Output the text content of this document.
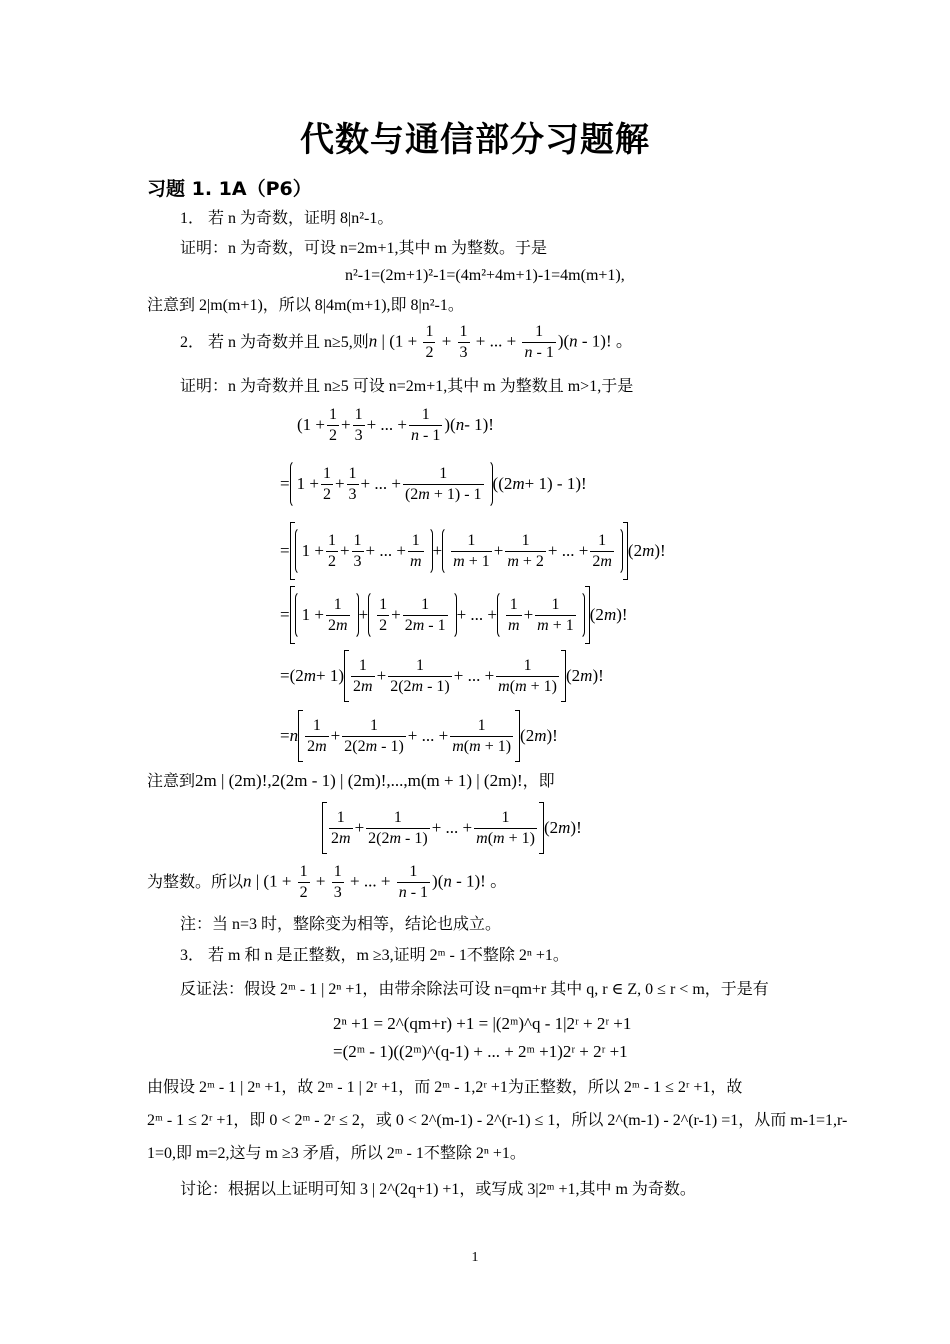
代数与通信部分习题解
习题 1. 1A（P6）
1． 若 n 为奇数，证明 8|n²-1。
证明：n 为奇数，可设 n=2m+1,其中 m 为整数。于是
n²-1=(2m+1)²-1=(4m²+4m+1)-1=4m(m+1),
注意到 2|m(m+1)，所以 8|4m(m+1),即 8|n²-1。
2． 若 n 为奇数并且 n≥5,则 n | ($1 + \frac{1}{2} + \frac{1}{3}$ + ... + $\frac{1}{n - 1} )(n - 1)$! 。
证明：n 为奇数并且 n≥5 可设 n=2m+1,其中 m 为整数且 m>1,于是
($1 + \frac{1}{2} + \frac{1}{3}$ + ... + $\frac{1}{n - 1}$ )( n - 1)!
= $1 + \frac{1}{2} + \frac{1}{3}$ + ... + $\frac{1}{(2m + 1) - 1} ((2$ m + 1) - 1)!
= $1 + \frac{1}{2} + \frac{1}{3}$ + ... + $\frac{1}{m} + \frac{1}{m + 1} + \frac{1}{m + 2}$ + ... + $\frac{1}{2m} (2$ m )!
= $1 + \frac{1}{2m} + \frac{1}{2} + \frac{1}{2m - 1}$ + ... + $\frac{1}{m} + \frac{1}{m + 1} (2$ m )!
=(2 $m + 1) \frac{1}{2m} + \frac{1}{2(2m - 1)}$ + ... + $\frac{1}{m(m + 1)} (2$ m )!
= n $\frac{1}{2m} + \frac{1}{2(2m - 1)}$ + ... + $\frac{1}{m(m + 1)} (2$ m )!
注意到2m | (2m)!,2(2m - 1) | (2m)!,...,m(m + 1) | (2m)!，即
$\frac{1}{2m} + \frac{1}{2(2m - 1)}$ + ... + $\frac{1}{m(m + 1)} (2$ m )!
为整数。所以 n | ($1 + \frac{1}{2} + \frac{1}{3}$ + ... + $\frac{1}{n - 1} )(n - 1)$! 。
注：当 n=3 时，整除变为相等，结论也成立。
3． 若 m 和 n 是正整数，m ≥3,证明 2ᵐ - 1不整除 2ⁿ +1。
反证法：假设 2ᵐ - 1 | 2ⁿ +1，由带余除法可设 n=qm+r 其中 q, r ∈ Z, 0 ≤ r < m，于是有
2ⁿ +1 = 2^(qm+r) +1 = |(2ᵐ)^q - 1|2ʳ + 2ʳ +1
=(2ᵐ - 1)((2ᵐ)^(q-1) + ... + 2ᵐ +1)2ʳ + 2ʳ +1
由假设 2ᵐ - 1 | 2ⁿ +1，故 2ᵐ - 1 | 2ʳ +1，而 2ᵐ - 1,2ʳ +1为正整数，所以 2ᵐ - 1 ≤ 2ʳ +1，故
2ᵐ - 1 ≤ 2ʳ +1，即 0 < 2ᵐ - 2ʳ ≤ 2，或 0 < 2^(m-1) - 2^(r-1) ≤ 1，所以 2^(m-1) - 2^(r-1) =1，从而 m-1=1,r-
1=0,即 m=2,这与 m ≥3 矛盾，所以 2ᵐ - 1不整除 2ⁿ +1。
讨论：根据以上证明可知 3 | 2^(2q+1) +1，或写成 3|2ᵐ +1,其中 m 为奇数。
1
